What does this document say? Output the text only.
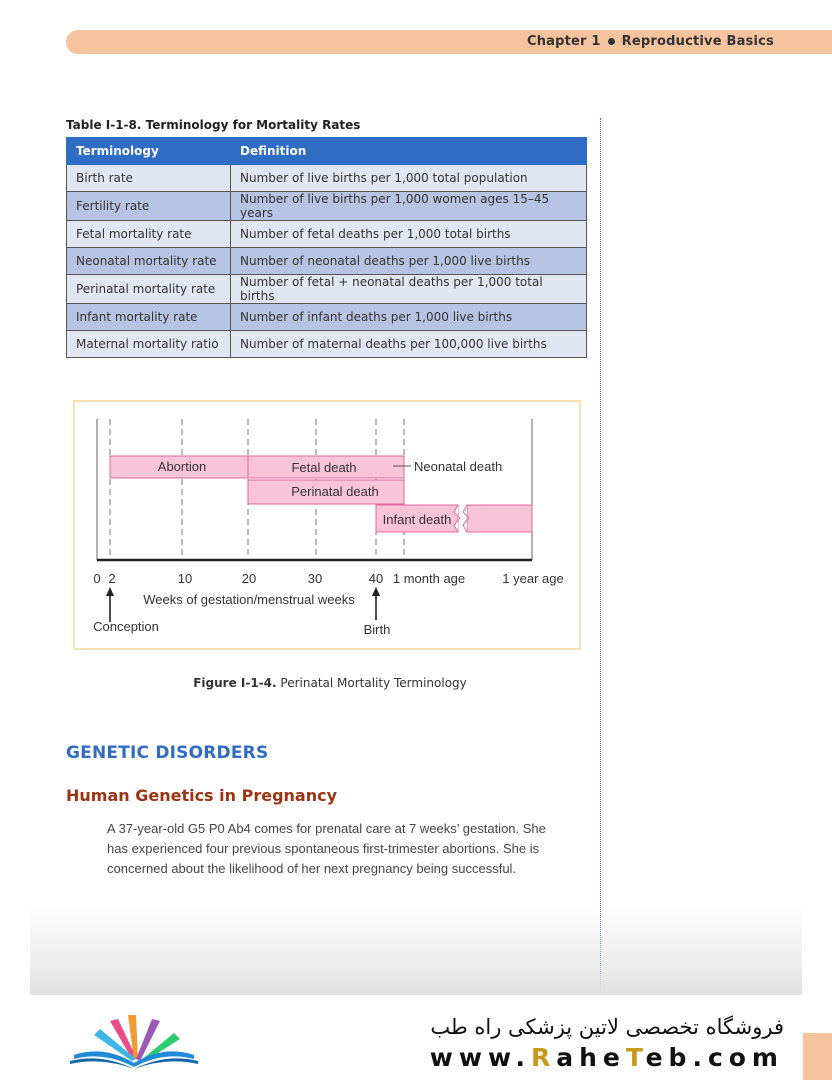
Chapter 1 Reproductive Basics
Table I-1-8. Terminology for Mortality Rates
Terminology	Definition
Birth rate	Number of live births per 1,000 total population
Fertility rate	Number of live births per 1,000 women ages 15–45 years
Fetal mortality rate	Number of fetal deaths per 1,000 total births
Neonatal mortality rate	Number of neonatal deaths per 1,000 live births
Perinatal mortality rate	Number of fetal + neonatal deaths per 1,000 total births
Infant mortality rate	Number of infant deaths per 1,000 live births
Maternal mortality ratio	Number of maternal deaths per 100,000 live births
Abortion	Fetal death	Neonatal death
Perinatal death
Infant death
0 2	10	20	30	40 1 month age	1 year age
Weeks of gestation/menstrual weeks
Conception	Birth
Figure I-1-4. Perinatal Mortality Terminology
GENETIC DISORDERS
Human Genetics in Pregnancy
A 37-year-old G5 P0 Ab4 comes for prenatal care at 7 weeks’ gestation. She has experienced four previous spontaneous first-trimester abortions. She is concerned about the likelihood of her next pregnancy being successful.
فروشگاه تخصصی لاتین پزشکی راه طب
www.RaheTeb.com
